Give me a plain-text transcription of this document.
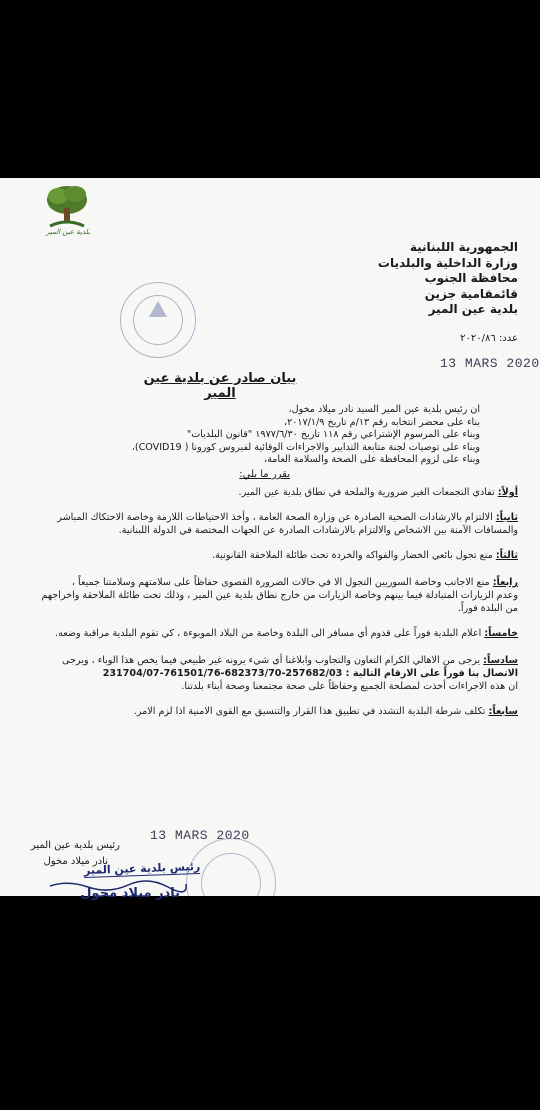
بلدية عين المير
الجمهورية اللبنانية
وزارة الداخلية والبلديات
محافظة الجنوب
قائمقامية جزين
بلدية عين المير
عدد: ٢٠٢٠/٨٦
13 MARS 2020
بيان صادر عن بلدية عين المير
ان رئيس بلدية عين المير السيد نادر ميلاد مخول،
بناء على محضر انتخابه رقم ١٣/م تاريخ ٢٠١٧/١/٩،
وبناء على المرسوم الإشتراعي رقم ١١٨ تاريخ ١٩٧٧/٦/٣٠ "قانون البلديات"
وبناء على توصيات لجنة متابعة التدابير والاجراءات الوقائية لفيروس كورونا ( COVID19)،
وبناء على لزوم المحافظة على الصحة والسلامة العامة،
يقرر ما يلي:
أولاً: تفادي التجمعات الغير ضرورية والملحة في نطاق بلدية عين المير.
ثانياً: الالتزام بالارشادات الصحية الصادرة عن وزارة الصحة العامة ، وأخذ الاحتياطات اللازمة وخاصة الاحتكاك المباشر
والمسافات الآمنة بين الاشخاص والالتزام بالارشادات الصادرة عن الجهات المختصة في الدولة اللبنانية.
ثالثاً: منع تجول بائعي الخضار والفواكه والخردة تحت طائلة الملاحقة القانونية.
رابعاً: منع الاجانب وخاصة السوريين التجول الا في حالات الضرورة القصوى حفاظاً على سلامتهم وسلامتنا جميعاً ،
وعدم الزيارات المتبادلة فيما بينهم وخاصة الزيارات من خارج نطاق بلدية عين المير ، وذلك تحت طائلة الملاحقة واخراجهم
من البلدة فوراً.
خامساً: اعلام البلدية فوراً على قدوم أي مسافر الى البلدة وخاصة من البلاد الموبوءة ، كي تقوم البلدية مراقبة وضعه.
سادساً: يرجى من الاهالي الكرام التعاون والتجاوب وابلاغنا أي شيء يرونه غير طبيعي فيما يخص هذا الوباء ، ويرجى
الاتصال بنا فوراً على الارقام التالية : 257682/03-682373/70-761501/76-231704/07
ان هذه الاجراءات أخذت لمصلحة الجميع وحفاظاً على صحة مجتمعنا وصحة أبناء بلدتنا.
سابعاً: تكلف شرطة البلدية التشدد في تطبيق هذا القرار والتنسيق مع القوى الامنية اذا لزم الامر.
13 MARS 2020
رئيس بلدية عين المير
نادر ميلاد مخول
رئيس بلدية عين المير
نادر ميلاد مخول
